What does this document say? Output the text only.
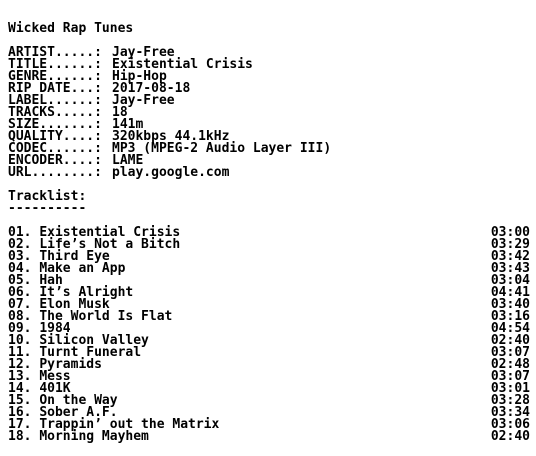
Wicked Rap Tunes
ARTIST.....: Jay-Free
TITLE......: Existential Crisis
GENRE......: Hip-Hop
RIP DATE...: 2017-08-18
LABEL......: Jay-Free
TRACKS.....: 18
SIZE.......: 141m
QUALITY....: 320kbps 44.1kHz
CODEC......: MP3 (MPEG-2 Audio Layer III)
ENCODER....: LAME
URL........: play.google.com
Tracklist:
----------
01. Existential Crisis	03:00
02. Life’s Not a Bitch	03:29
03. Third Eye	03:42
04. Make an App	03:43
05. Hah	03:04
06. It’s Alright	04:41
07. Elon Musk	03:40
08. The World Is Flat	03:16
09. 1984	04:54
10. Silicon Valley	02:40
11. Turnt Funeral	03:07
12. Pyramids	02:48
13. Mess	03:07
14. 401K	03:01
15. On the Way	03:28
16. Sober A.F.	03:34
17. Trappin’ out the Matrix	03:06
18. Morning Mayhem	02:40
